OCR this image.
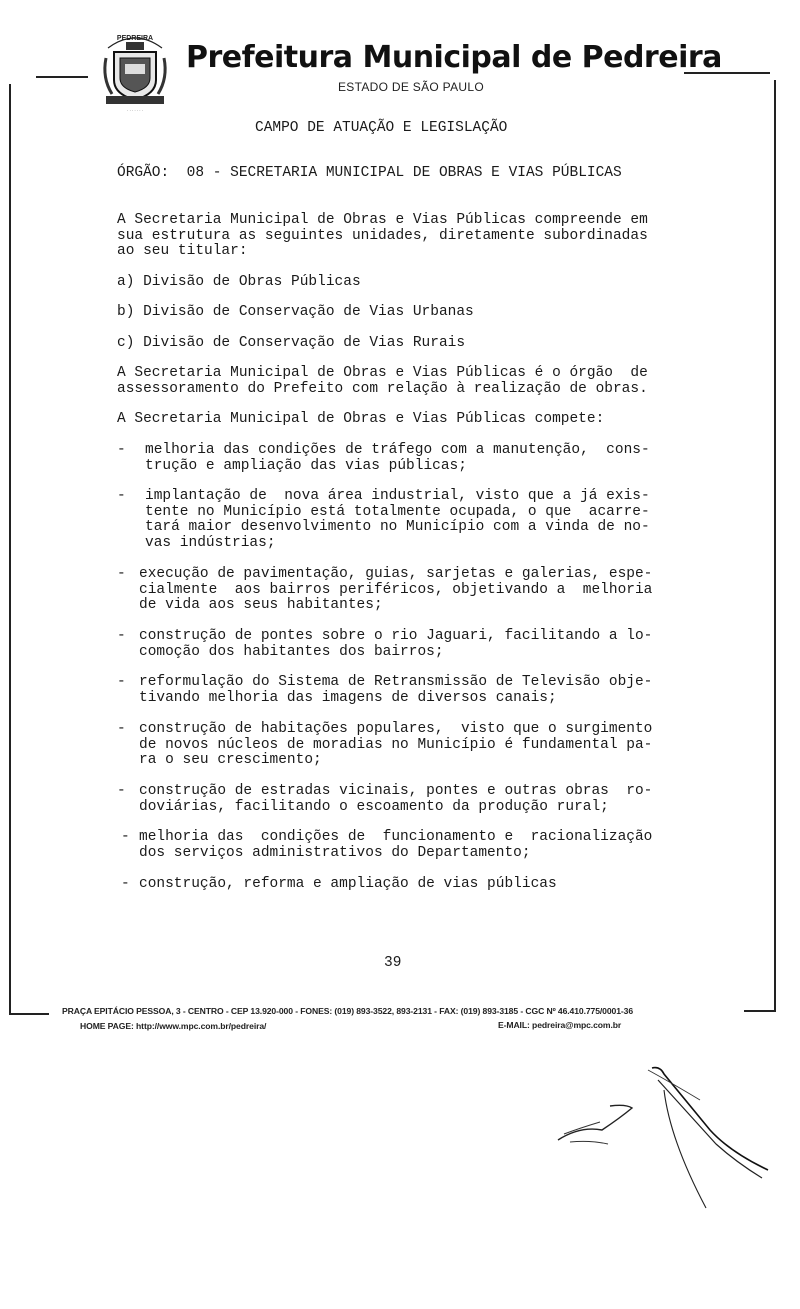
PEDREIRA
· · · · · · ·
Prefeitura Municipal de Pedreira
ESTADO DE SÃO PAULO
CAMPO DE ATUAÇÃO E LEGISLAÇÃO
ÓRGÃO: 08 - SECRETARIA MUNICIPAL DE OBRAS E VIAS PÚBLICAS
A Secretaria Municipal de Obras e Vias Públicas compreende em
sua estrutura as seguintes unidades, diretamente subordinadas
ao seu titular:
a) Divisão de Obras Públicas
b) Divisão de Conservação de Vias Urbanas
c) Divisão de Conservação de Vias Rurais
A Secretaria Municipal de Obras e Vias Públicas é o órgão  de
assessoramento do Prefeito com relação à realização de obras.
A Secretaria Municipal de Obras e Vias Públicas compete:
- melhoria das condições de tráfego com a manutenção,  cons-
trução e ampliação das vias públicas;
- implantação de  nova área industrial, visto que a já exis-
tente no Município está totalmente ocupada, o que  acarre-
tará maior desenvolvimento no Município com a vinda de no-
vas indústrias;
- execução de pavimentação, guias, sarjetas e galerias, espe-
cialmente  aos bairros periféricos, objetivando a  melhoria
de vida aos seus habitantes;
- construção de pontes sobre o rio Jaguari, facilitando a lo-
comoção dos habitantes dos bairros;
- reformulação do Sistema de Retransmissão de Televisão obje-
tivando melhoria das imagens de diversos canais;
- construção de habitações populares,  visto que o surgimento
de novos núcleos de moradias no Município é fundamental pa-
ra o seu crescimento;
- construção de estradas vicinais, pontes e outras obras  ro-
doviárias, facilitando o escoamento da produção rural;
- melhoria das  condições de  funcionamento e  racionalização
dos serviços administrativos do Departamento;
- construção, reforma e ampliação de vias públicas
39
PRAÇA EPITÁCIO PESSOA, 3 - CENTRO - CEP 13.920-000 - FONES: (019) 893-3522, 893-2131 - FAX: (019) 893-3185 - CGC Nº 46.410.775/0001-36
HOME PAGE: http://www.mpc.com.br/pedreira/	E-MAIL: pedreira@mpc.com.br
